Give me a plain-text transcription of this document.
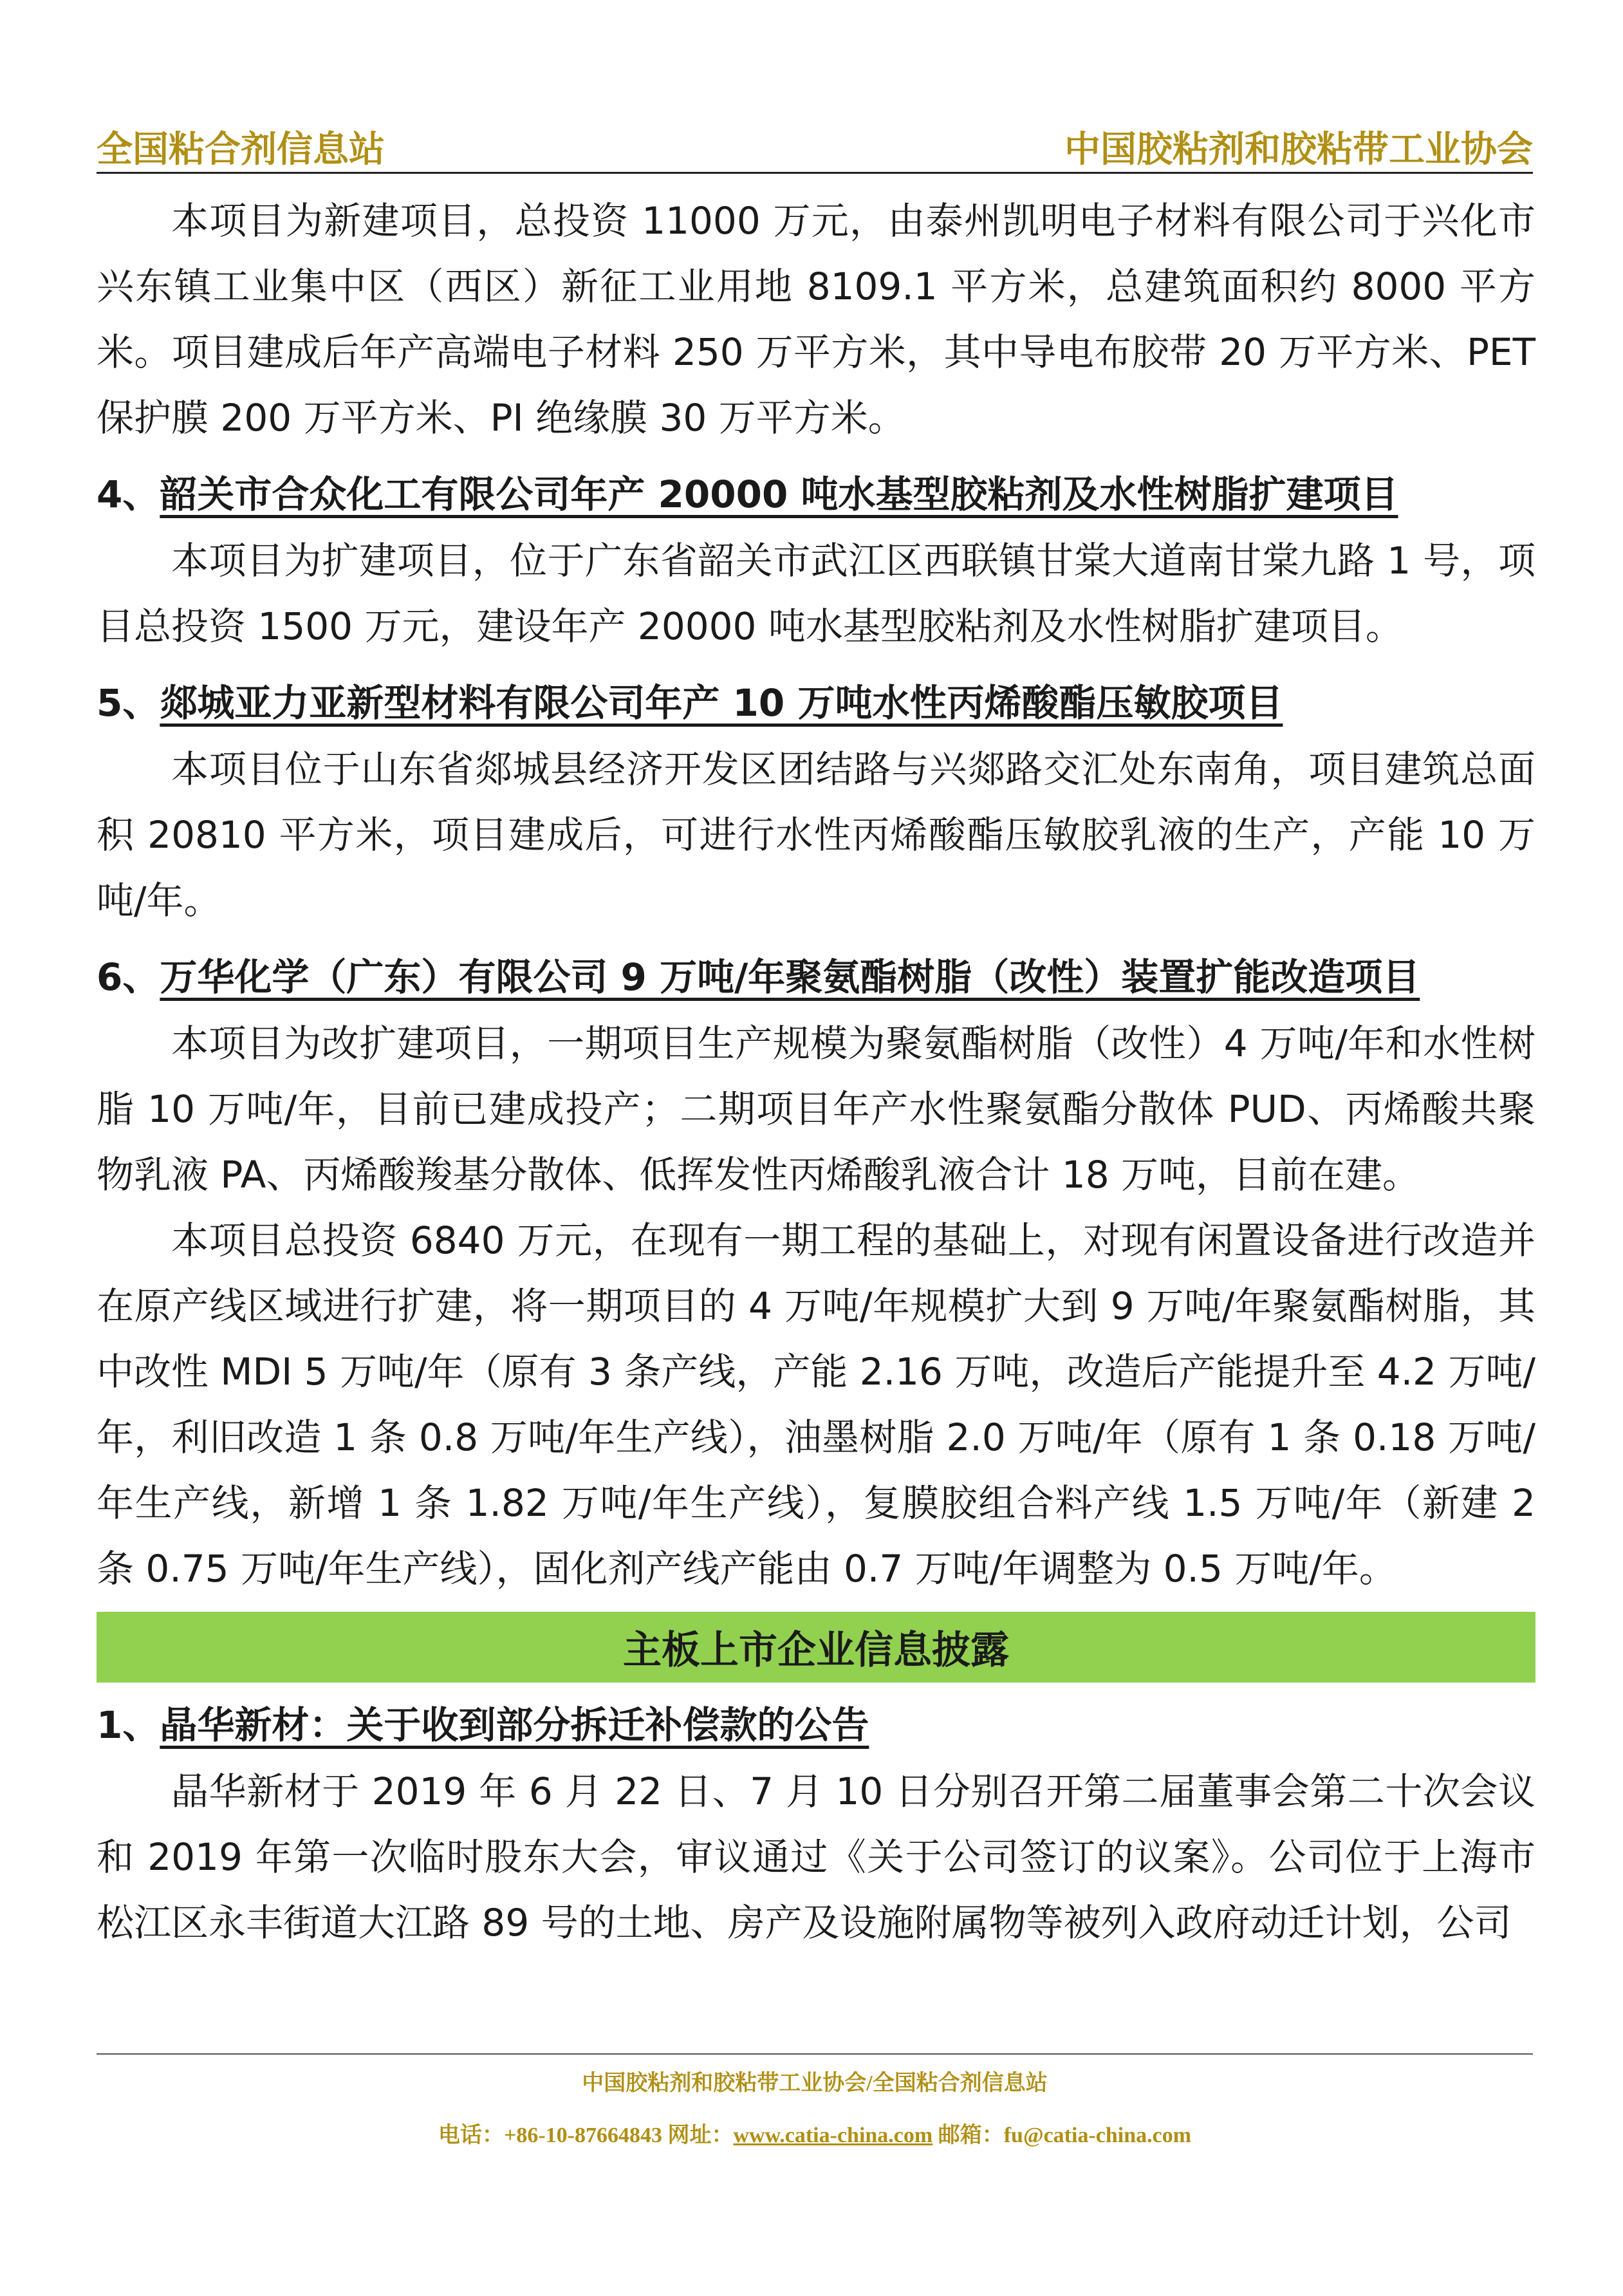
全国粘合剂信息站	中国胶粘剂和胶粘带工业协会

本项目为新建项目，总投资 11000 万元，由泰州凯明电子材料有限公司于兴化市兴东镇工业集中区（西区）新征工业用地 8109.1 平方米，总建筑面积约 8000 平方米。项目建成后年产高端电子材料 250 万平方米，其中导电布胶带 20 万平方米、PET 保护膜 200 万平方米、PI 绝缘膜 30 万平方米。

4、韶关市合众化工有限公司年产 20000 吨水基型胶粘剂及水性树脂扩建项目

本项目为扩建项目，位于广东省韶关市武江区西联镇甘棠大道南甘棠九路 1 号，项目总投资 1500 万元，建设年产 20000 吨水基型胶粘剂及水性树脂扩建项目。

5、郯城亚力亚新型材料有限公司年产 10 万吨水性丙烯酸酯压敏胶项目

本项目位于山东省郯城县经济开发区团结路与兴郯路交汇处东南角，项目建筑总面积 20810 平方米，项目建成后，可进行水性丙烯酸酯压敏胶乳液的生产，产能 10 万吨/年。

6、万华化学（广东）有限公司 9 万吨/年聚氨酯树脂（改性）装置扩能改造项目

本项目为改扩建项目，一期项目生产规模为聚氨酯树脂（改性）4 万吨/年和水性树脂 10 万吨/年，目前已建成投产；二期项目年产水性聚氨酯分散体 PUD、丙烯酸共聚物乳液 PA、丙烯酸羧基分散体、低挥发性丙烯酸乳液合计 18 万吨，目前在建。

本项目总投资 6840 万元，在现有一期工程的基础上，对现有闲置设备进行改造并在原产线区域进行扩建，将一期项目的 4 万吨/年规模扩大到 9 万吨/年聚氨酯树脂，其中改性 MDI 5 万吨/年（原有 3 条产线，产能 2.16 万吨，改造后产能提升至 4.2 万吨/年，利旧改造 1 条 0.8 万吨/年生产线），油墨树脂 2.0 万吨/年（原有 1 条 0.18 万吨/年生产线，新增 1 条 1.82 万吨/年生产线），复膜胶组合料产线 1.5 万吨/年（新建 2 条 0.75 万吨/年生产线），固化剂产线产能由 0.7 万吨/年调整为 0.5 万吨/年。

主板上市企业信息披露
1、晶华新材：关于收到部分拆迁补偿款的公告

晶华新材于 2019 年 6 月 22 日、7 月 10 日分别召开第二届董事会第二十次会议和 2019 年第一次临时股东大会，审议通过《关于公司签订的议案》。公司位于上海市松江区永丰街道大江路 89 号的土地、房产及设施附属物等被列入政府动迁计划，公司

中国胶粘剂和胶粘带工业协会/全国粘合剂信息站
电话：+86-10-87664843 网址：www.catia-china.com 邮箱：fu@catia-china.com
